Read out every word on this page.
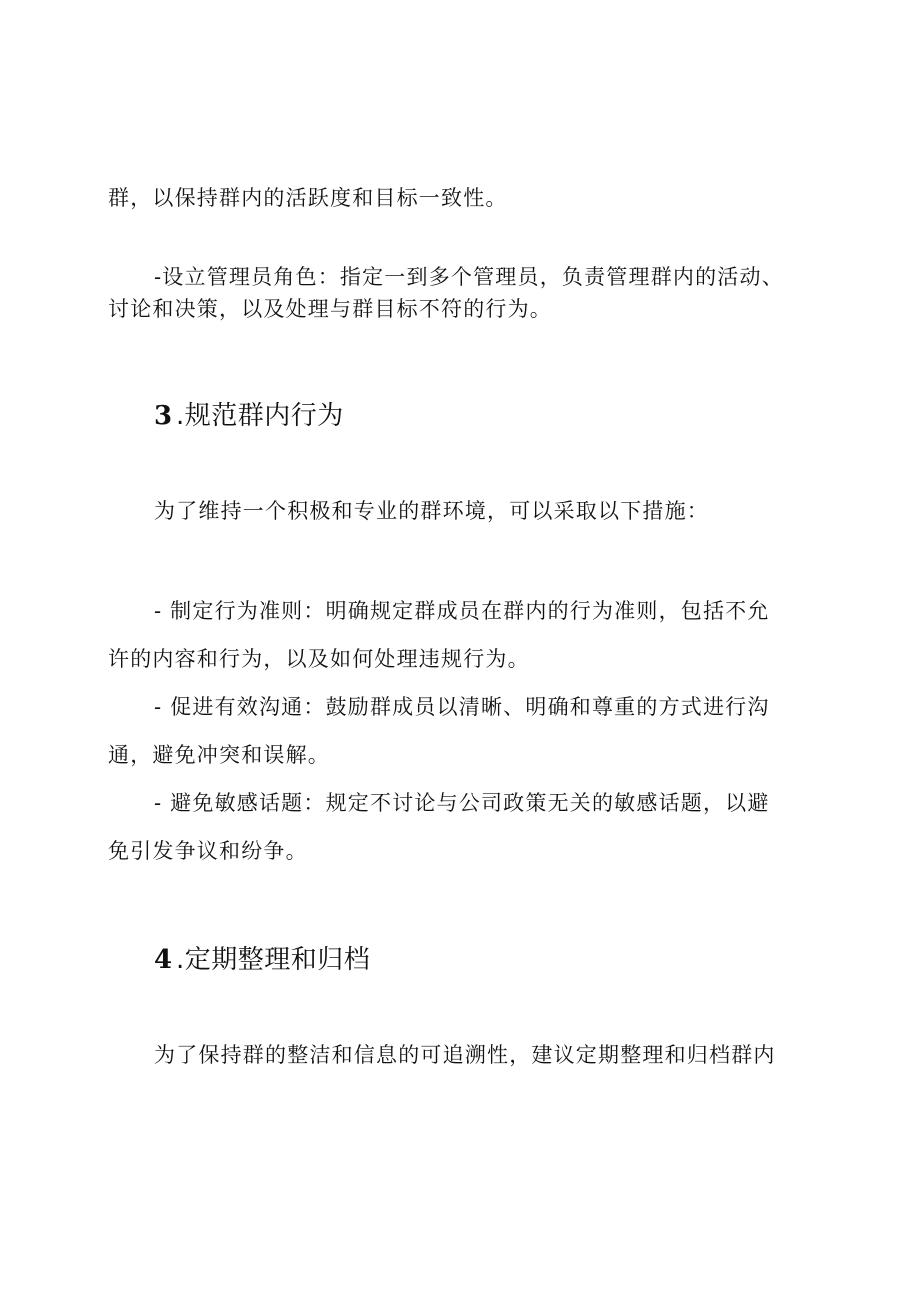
群，以保持群内的活跃度和目标一致性。
-设立管理员角色：指定一到多个管理员，负责管理群内的活动、
讨论和决策，以及处理与群目标不符的行为。
3 .规范群内行为
为了维持一个积极和专业的群环境，可以采取以下措施：
- 制定行为准则：明确规定群成员在群内的行为准则，包括不允
许的内容和行为，以及如何处理违规行为。
- 促进有效沟通：鼓励群成员以清晰、明确和尊重的方式进行沟
通，避免冲突和误解。
- 避免敏感话题：规定不讨论与公司政策无关的敏感话题，以避
免引发争议和纷争。
4 .定期整理和归档
为了保持群的整洁和信息的可追溯性，建议定期整理和归档群内
